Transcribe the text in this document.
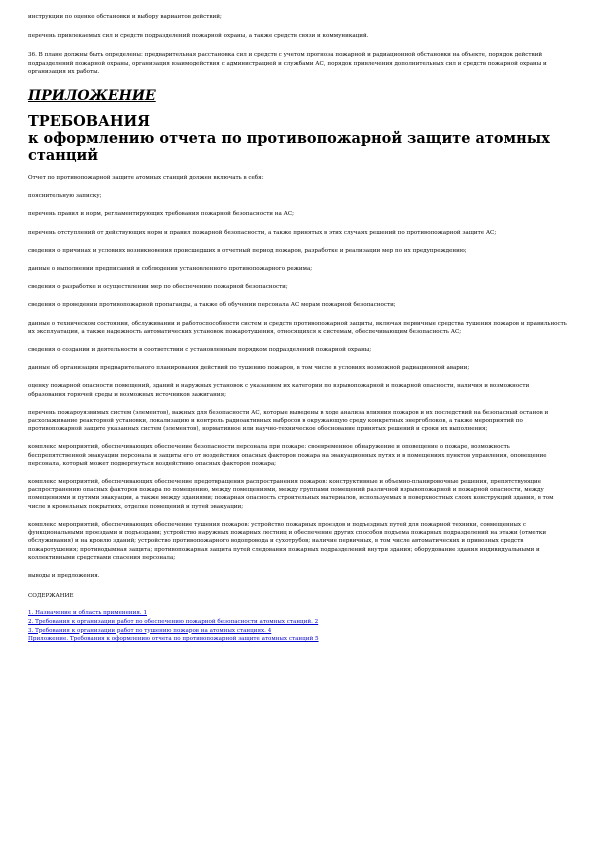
инструкции по оценке обстановки и выбору вариантов действий;

перечень привлекаемых сил и средств подразделений пожарной охраны, а также средств связи и коммуникаций.

36. В плане должны быть определены: предварительная расстановка сил и средств с учетом прогноза пожарной и радиационной обстановки на объекте, порядок действий подразделений пожарной охраны, организация взаимодействия с администрацией и службами АС, порядок привлечения дополнительных сил и средств пожарной охраны и организация их работы.

ПРИЛОЖЕНИЕ
ТРЕБОВАНИЯ
к оформлению отчета по противопожарной защите атомных станций

Отчет по противопожарной защите атомных станций должен включать в себя:

пояснительную записку;

перечень правил и норм, регламентирующих требования пожарной безопасности на АС;

перечень отступлений от действующих норм и правил пожарной безопасности, а также принятых в этих случаях решений по противопожарной защите АС;

сведения о причинах и условиях возникновения происшедших в отчетный период пожаров, разработке и реализации мер по их предупреждению;

данные о выполнении предписаний и соблюдении установленного противопожарного режима;

сведения о разработке и осуществлении мер по обеспечению пожарной безопасности;

сведения о проведении противопожарной пропаганды, а также об обучении персонала АС мерам пожарной безопасности;

данные о техническом состоянии, обслуживании и работоспособности систем и средств противопожарной защиты, включая первичные средства тушения пожаров и правильность их эксплуатации, а также надежность автоматических установок пожаротушения, относящихся к системам, обеспечивающим безопасность АС;

сведения о создании и деятельности в соответствии с установленным порядком подразделений пожарной охраны;

данные об организации предварительного планирования действий по тушению пожаров, в том числе в условиях возможной радиационной аварии;

оценку пожарной опасности помещений, зданий и наружных установок с указанием их категории по взрывопожарной и пожарной опасности, наличия и возможности образования горючей среды и возможных источников зажигания;

перечень пожароуязвимых систем (элементов), важных для безопасности АС, которые выведены в ходе анализа влияния пожаров и их последствий на безопасный останов и расхолаживание реакторной установки, локализацию и контроль радиоактивных выбросов в окружающую среду конкретных энергоблоков, а также мероприятий по противопожарной защите указанных систем (элементов), нормативное или научно-техническое обоснование принятых решений и сроки их выполнения;

комплекс мероприятий, обеспечивающих обеспечение безопасности персонала при пожаре: своевременное обнаружение и оповещение о пожаре, возможность беспрепятственной эвакуации персонала и защиты его от воздействия опасных факторов пожара на эвакуационных путях и в помещениях пунктов управления, оповещение персонала, который может подвергнуться воздействию опасных факторов пожара;

комплекс мероприятий, обеспечивающих обеспечение предотвращения распространения пожаров: конструктивные и объемно-планировочные решения, препятствующие распространению опасных факторов пожара по помещению, между помещениями, между группами помещений различной взрывопожарной и пожарной опасности, между помещениями и путями эвакуации, а также между зданиями; пожарная опасность строительных материалов, используемых в поверхностных слоях конструкций здания, в том числе в кровельных покрытиях, отделке помещений и путей эвакуации;

комплекс мероприятий, обеспечивающих обеспечение тушения пожаров: устройство пожарных проездов и подъездных путей для пожарной техники, совмещенных с функциональными проездами и подъездами; устройство наружных пожарных лестниц и обеспечение других способов подъема пожарных подразделений на этажи (отметки обслуживания) и на кровлю зданий; устройство противопожарного водопровода и сухотрубов; наличие первичных, в том числе автоматических и привозных средств пожаротушения; противодымная защита; противопожарная защита путей следования пожарных подразделений внутри здания; оборудование здания индивидуальными и коллективными средствами спасения персонала;

выводы и предложения.

СОДЕРЖАНИЕ

1. Назначение и область применения. 1
2. Требования к организации работ по обеспечению пожарной безопасности атомных станций. 2
3. Требования к организации работ по тушению пожаров на атомных станциях. 4
Приложение. Требования к оформлению отчета по противопожарной защите атомных станций 5
